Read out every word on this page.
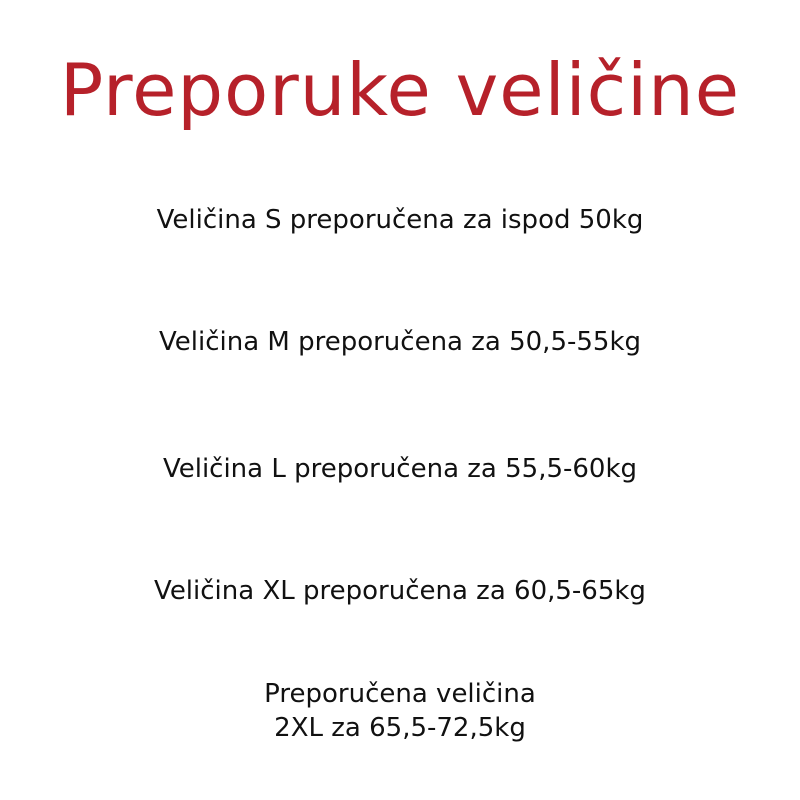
Preporuke veličine
Veličina S preporučena za ispod 50kg
Veličina M preporučena za 50,5-55kg
Veličina L preporučena za 55,5-60kg
Veličina XL preporučena za 60,5-65kg
Preporučena veličina
2XL za 65,5-72,5kg
